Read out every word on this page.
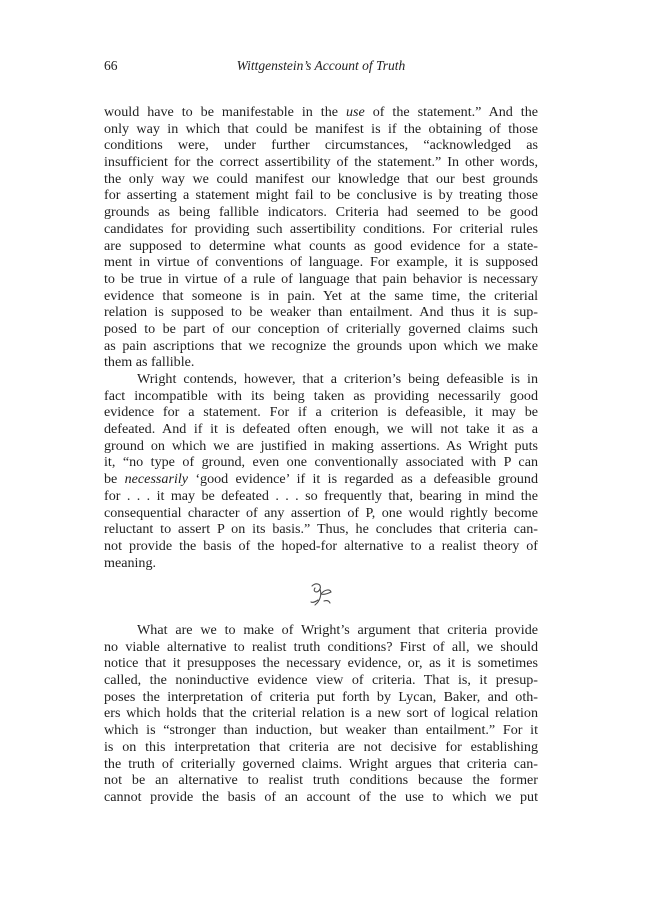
66	Wittgenstein’s Account of Truth
would have to be manifestable in the use of the statement.” And the
only way in which that could be manifest is if the obtaining of those
conditions were, under further circumstances, “acknowledged as
insufficient for the correct assertibility of the statement.” In other words,
the only way we could manifest our knowledge that our best grounds
for asserting a statement might fail to be conclusive is by treating those
grounds as being fallible indicators. Criteria had seemed to be good
candidates for providing such assertibility conditions. For criterial rules
are supposed to determine what counts as good evidence for a state-
ment in virtue of conventions of language. For example, it is supposed
to be true in virtue of a rule of language that pain behavior is necessary
evidence that someone is in pain. Yet at the same time, the criterial
relation is supposed to be weaker than entailment. And thus it is sup-
posed to be part of our conception of criterially governed claims such
as pain ascriptions that we recognize the grounds upon which we make
them as fallible.
Wright contends, however, that a criterion’s being defeasible is in
fact incompatible with its being taken as providing necessarily good
evidence for a statement. For if a criterion is defeasible, it may be
defeated. And if it is defeated often enough, we will not take it as a
ground on which we are justified in making assertions. As Wright puts
it, “no type of ground, even one conventionally associated with P can
be necessarily ‘good evidence’ if it is regarded as a defeasible ground
for . . . it may be defeated . . . so frequently that, bearing in mind the
consequential character of any assertion of P, one would rightly become
reluctant to assert P on its basis.” Thus, he concludes that criteria can-
not provide the basis of the hoped-for alternative to a realist theory of
meaning.
What are we to make of Wright’s argument that criteria provide
no viable alternative to realist truth conditions? First of all, we should
notice that it presupposes the necessary evidence, or, as it is sometimes
called, the noninductive evidence view of criteria. That is, it presup-
poses the interpretation of criteria put forth by Lycan, Baker, and oth-
ers which holds that the criterial relation is a new sort of logical relation
which is “stronger than induction, but weaker than entailment.” For it
is on this interpretation that criteria are not decisive for establishing
the truth of criterially governed claims. Wright argues that criteria can-
not be an alternative to realist truth conditions because the former
cannot provide the basis of an account of the use to which we put
